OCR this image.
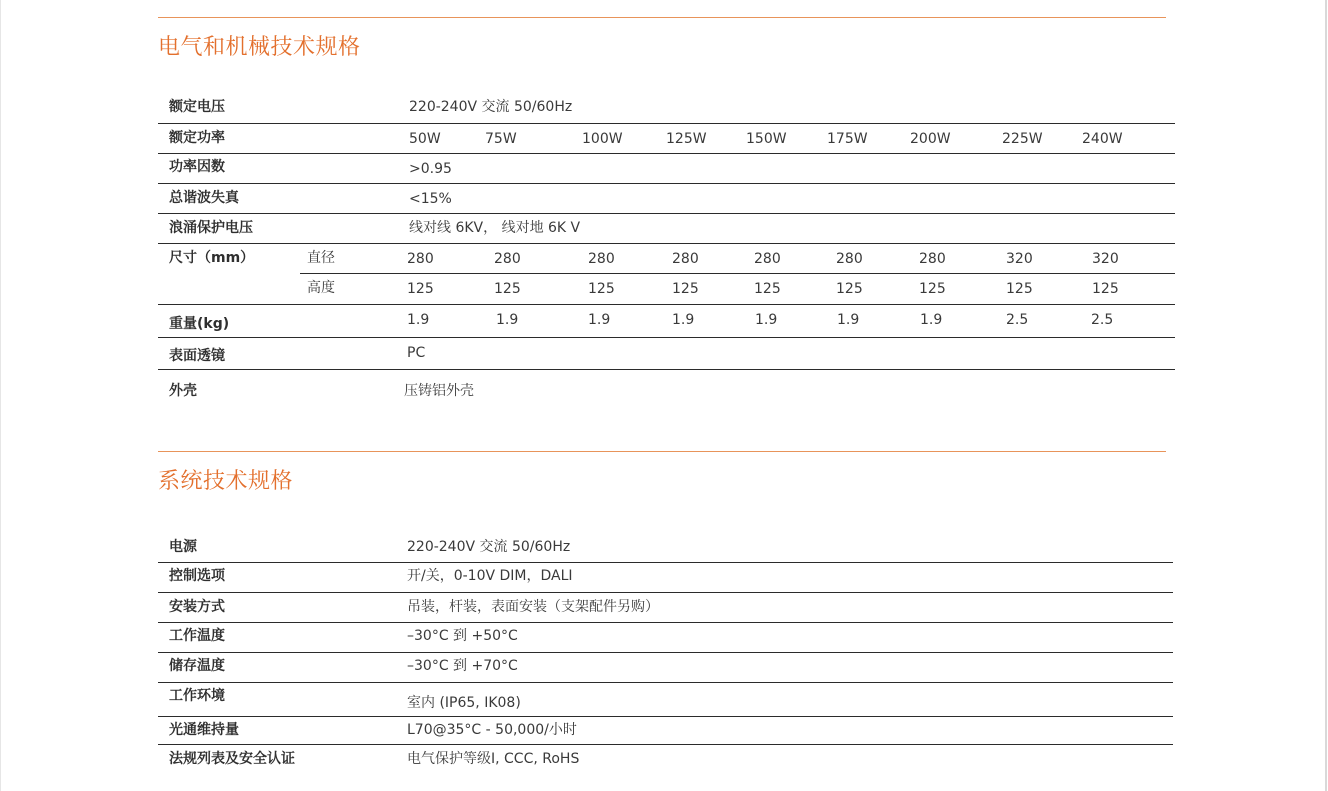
电气和机械技术规格
额定电压	220-240V 交流 50/60Hz
额定功率	50W	75W	100W	125W	150W	175W	200W	225W	240W
功率因数	>0.95
总谐波失真	<15%
浪涌保护电压	线对线 6KV， 线对地 6K V
尺寸（mm）	直径	280	280	280	280	280	280	280	320	320
高度	125	125	125	125	125	125	125	125	125
重量(kg)	1.9	1.9	1.9	1.9	1.9	1.9	1.9	2.5	2.5
表面透镜	PC
外壳	压铸铝外壳
系统技术规格
电源	220-240V 交流 50/60Hz
控制选项	开/关，0-10V DIM，DALI
安装方式	吊装，杆装，表面安装（支架配件另购）
工作温度	–30°C 到 +50°C
储存温度	–30°C 到 +70°C
工作环境	室内 (IP65, IK08)
光通维持量	L70@35°C - 50,000/小时
法规列表及安全认证	电气保护等级I, CCC, RoHS
